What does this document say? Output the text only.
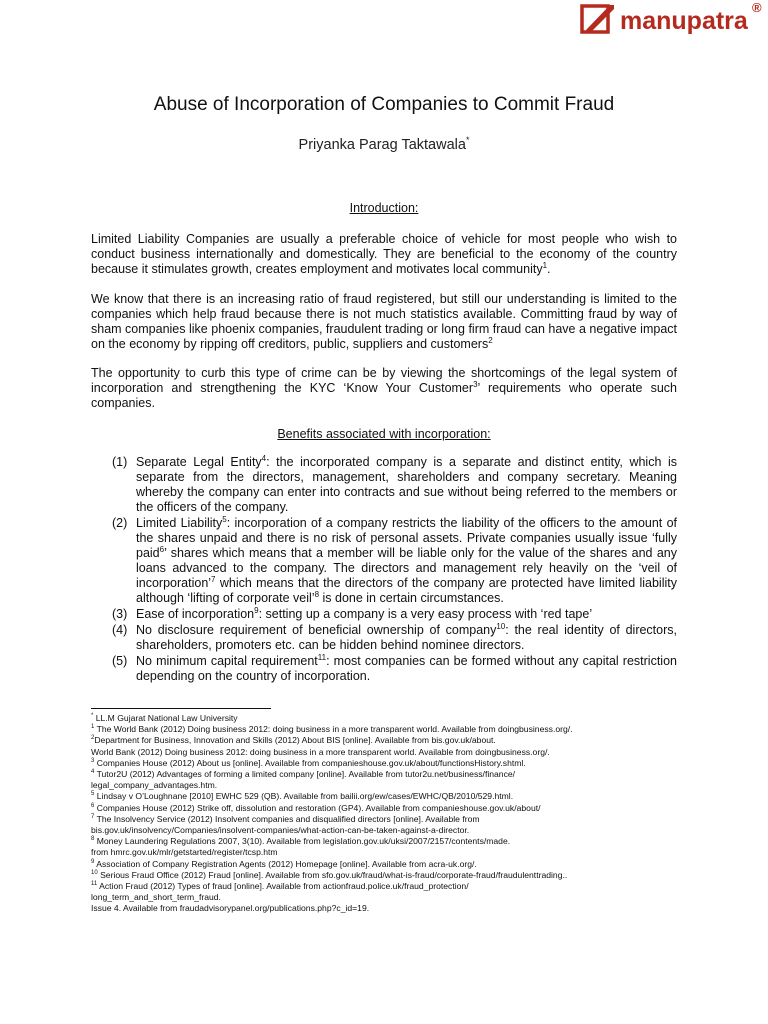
manupatra ®
Abuse of Incorporation of Companies to Commit Fraud
Priyanka Parag Taktawala*
Introduction:
Limited Liability Companies are usually a preferable choice of vehicle for most people who wish to conduct business internationally and domestically. They are beneficial to the economy of the country because it stimulates growth, creates employment and motivates local community$^1$.
We know that there is an increasing ratio of fraud registered, but still our understanding is limited to the companies which help fraud because there is not much statistics available. Committing fraud by way of sham companies like phoenix companies, fraudulent trading or long firm fraud can have a negative impact on the economy by ripping off creditors, public, suppliers and customers$^2$
The opportunity to curb this type of crime can be by viewing the shortcomings of the legal system of incorporation and strengthening the KYC ‘Know Your Customer$^3$’ requirements who operate such companies.
Benefits associated with incorporation:
(1) Separate Legal Entity$^4$: the incorporated company is a separate and distinct entity, which is separate from the directors, management, shareholders and company secretary. Meaning whereby the company can enter into contracts and sue without being referred to the members or the officers of the company.
(2) Limited Liability$^5$: incorporation of a company restricts the liability of the officers to the amount of the shares unpaid and there is no risk of personal assets. Private companies usually issue ‘fully paid$^6$’ shares which means that a member will be liable only for the value of the shares and any loans advanced to the company. The directors and management rely heavily on the ‘veil of incorporation’$^7$ which means that the directors of the company are protected have limited liability although ‘lifting of corporate veil’$^8$ is done in certain circumstances.
(3) Ease of incorporation$^9$: setting up a company is a very easy process with ‘red tape’
(4) No disclosure requirement of beneficial ownership of company$^{10}$: the real identity of directors, shareholders, promoters etc. can be hidden behind nominee directors.
(5) No minimum capital requirement$^{11}$: most companies can be formed without any capital restriction depending on the country of incorporation.
* LL.M Gujarat National Law University
$^1$ The World Bank (2012) Doing business 2012: doing business in a more transparent world. Available from doingbusiness.org/.
$^2$Department for Business, Innovation and Skills (2012) About BIS [online]. Available from bis.gov.uk/about.
World Bank (2012) Doing business 2012: doing business in a more transparent world. Available from doingbusiness.org/.
$^3$ Companies House (2012) About us [online]. Available from companieshouse.gov.uk/about/functionsHistory.shtml.
$^4$ Tutor2U (2012) Advantages of forming a limited company [online]. Available from tutor2u.net/business/finance/
legal_company_advantages.htm.
$^5$ Lindsay v O’Loughnane [2010] EWHC 529 (QB). Available from bailii.org/ew/cases/EWHC/QB/2010/529.html.
$^6$ Companies House (2012) Strike off, dissolution and restoration (GP4). Available from companieshouse.gov.uk/about/
$^7$ The Insolvency Service (2012) Insolvent companies and disqualified directors [online]. Available from
bis.gov.uk/insolvency/Companies/insolvent-companies/what-action-can-be-taken-against-a-director.
$^8$ Money Laundering Regulations 2007, 3(10). Available from legislation.gov.uk/uksi/2007/2157/contents/made.
from hmrc.gov.uk/mlr/getstarted/register/tcsp.htm
$^9$ Association of Company Registration Agents (2012) Homepage [online]. Available from acra-uk.org/.
$^{10}$ Serious Fraud Office (2012) Fraud [online]. Available from sfo.gov.uk/fraud/what-is-fraud/corporate-fraud/fraudulenttrading..
$^{11}$ Action Fraud (2012) Types of fraud [online]. Available from actionfraud.police.uk/fraud_protection/
long_term_and_short_term_fraud.
Issue 4. Available from fraudadvisorypanel.org/publications.php?c_id=19.
